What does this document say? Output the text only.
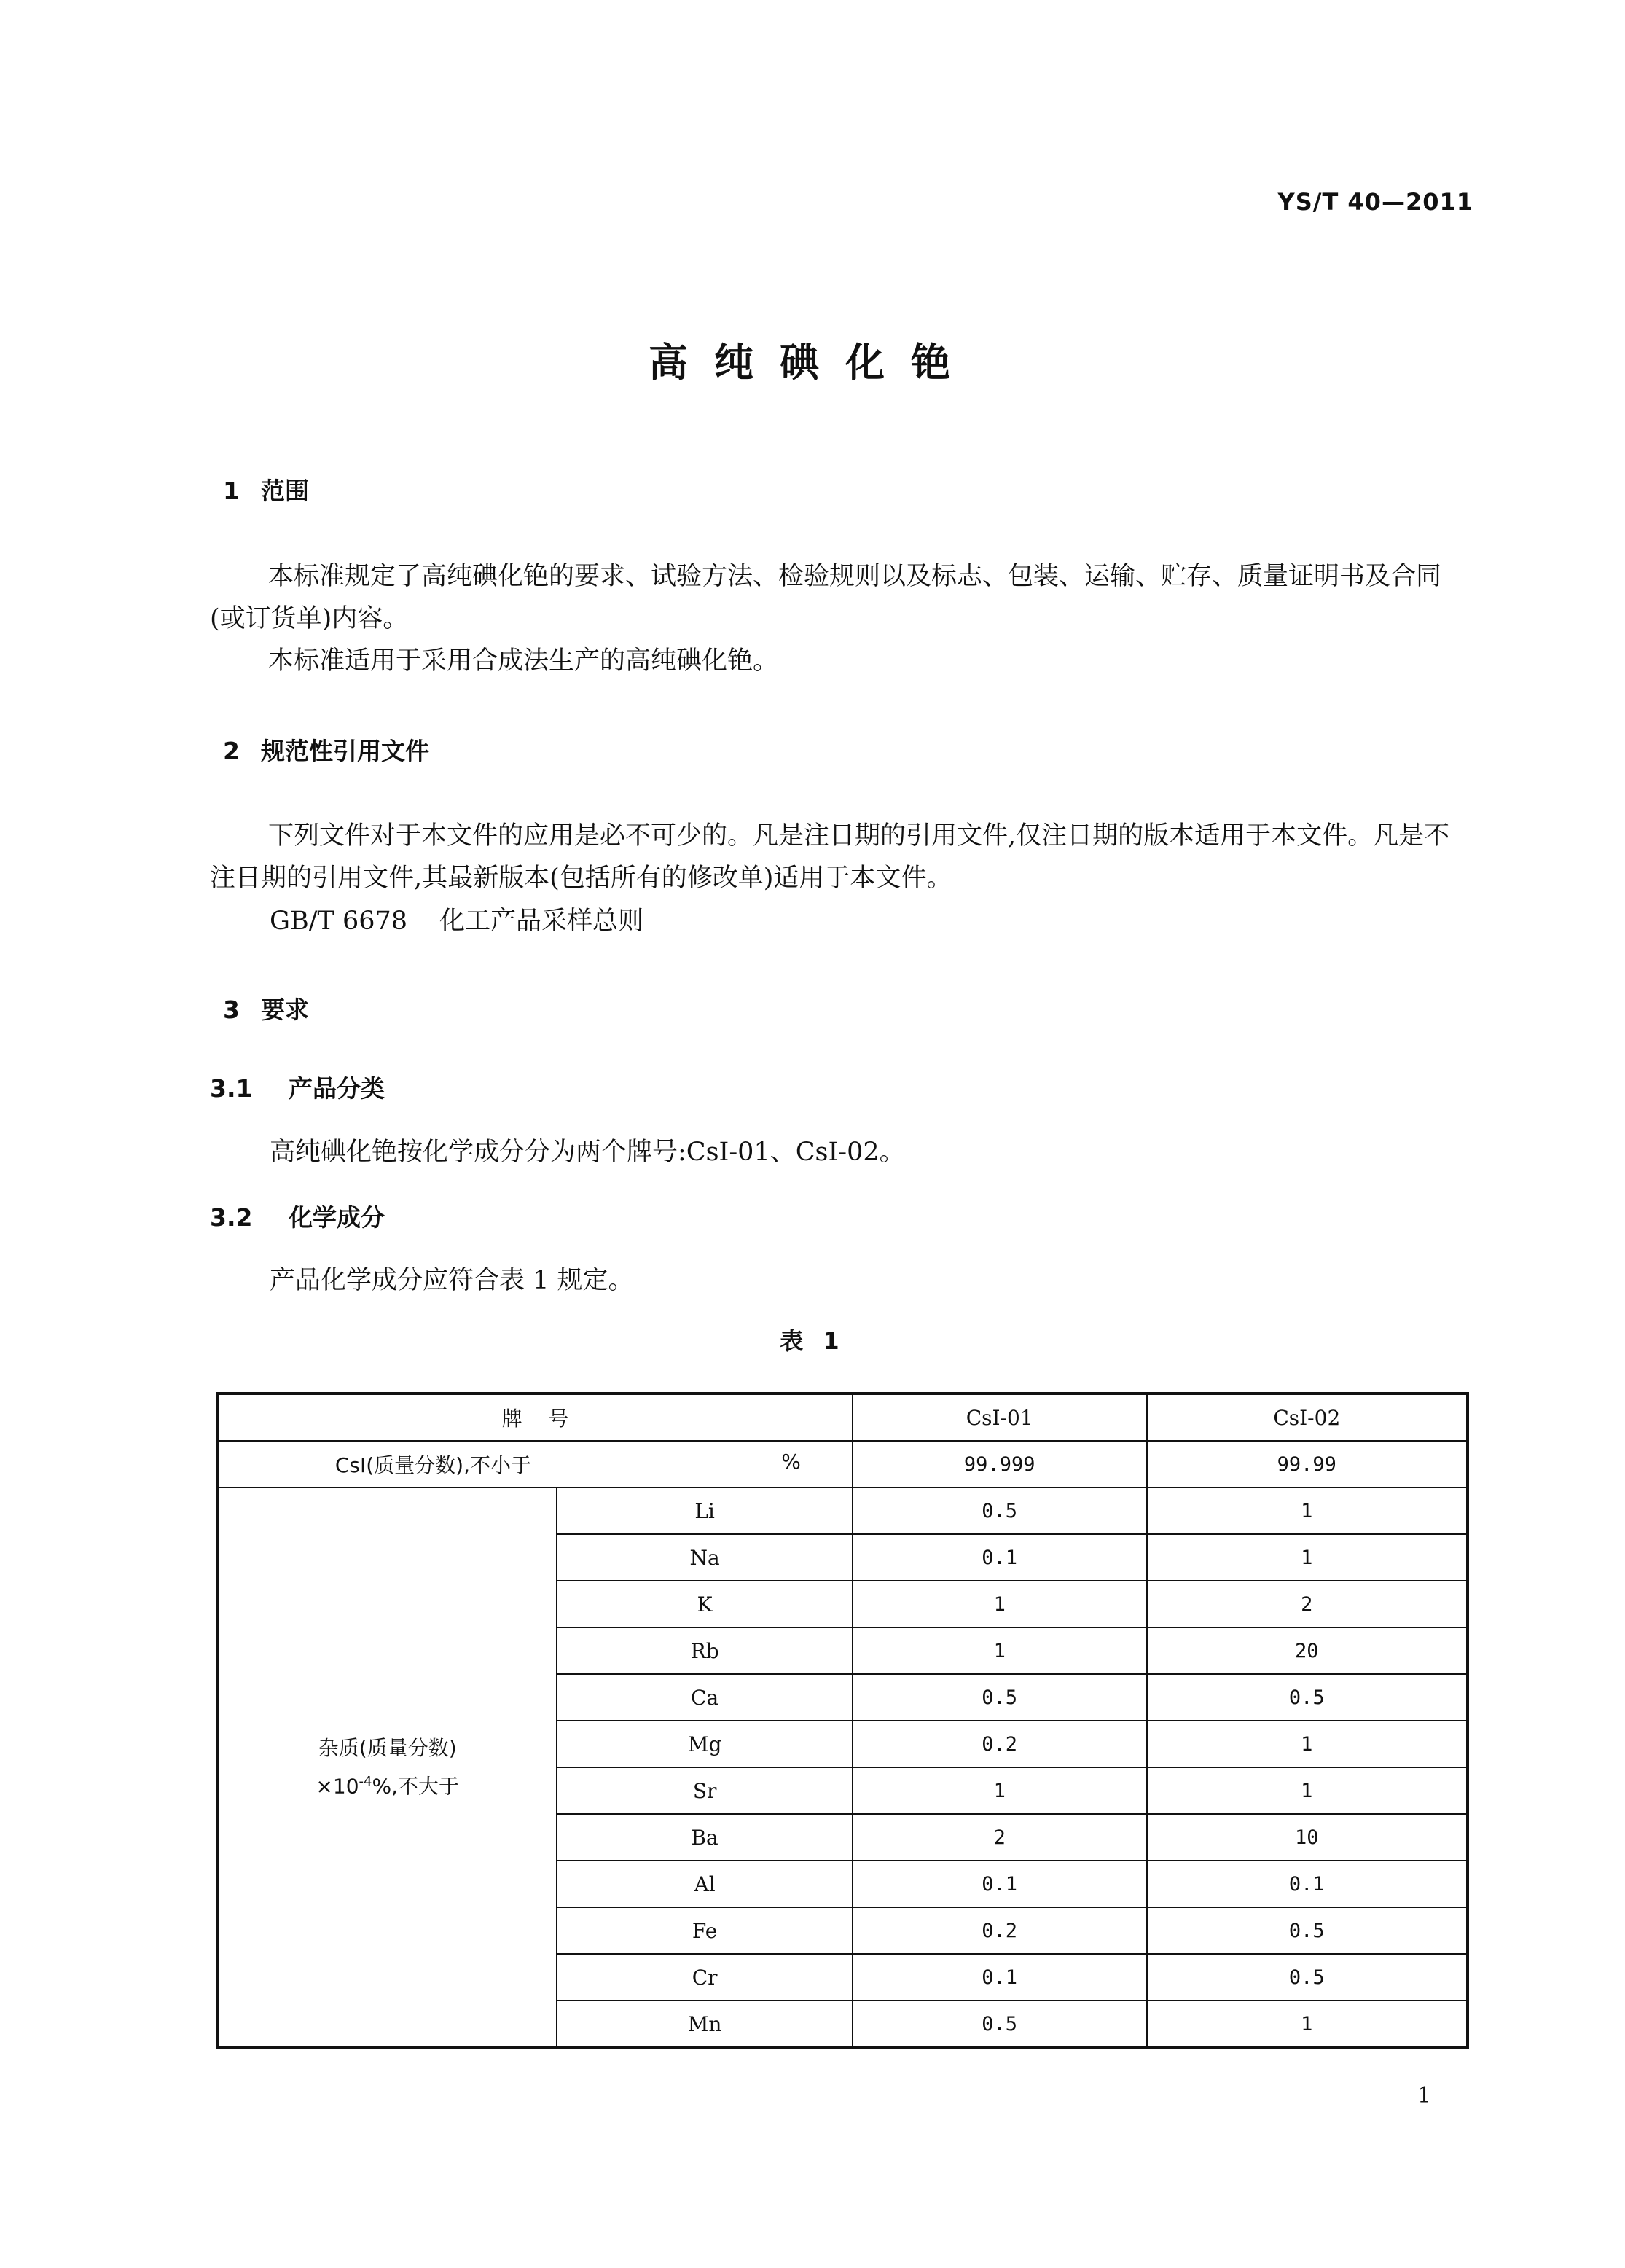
YS/T 40—2011
高纯碘化铯
1 范围
本标准规定了高纯碘化铯的要求、试验方法、检验规则以及标志、包装、运输、贮存、质量证明书及合同(或订货单)内容。
本标准适用于采用合成法生产的高纯碘化铯。
2 规范性引用文件
下列文件对于本文件的应用是必不可少的。凡是注日期的引用文件,仅注日期的版本适用于本文件。凡是不注日期的引用文件,其最新版本(包括所有的修改单)适用于本文件。
GB/T 6678 化工产品采样总则
3 要求
3.1 产品分类
高纯碘化铯按化学成分分为两个牌号:CsI-01、CsI-02。
3.2 化学成分
产品化学成分应符合表 1 规定。
表 1
牌    号		CsI-01	CsI-02
CsI(质量分数),不小于 %		99.999	99.99

杂质(质量分数)
$\times 10^{-4}\%$,不大于	Li	0.5	1
	Na	0.1	1
	K	1	2
	Rb	1	20
	Ca	0.5	0.5
	Mg	0.2	1
	Sr	1	1
	Ba	2	10
	Al	0.1	0.1
	Fe	0.2	0.5
	Cr	0.1	0.5
	Mn	0.5	1
1
